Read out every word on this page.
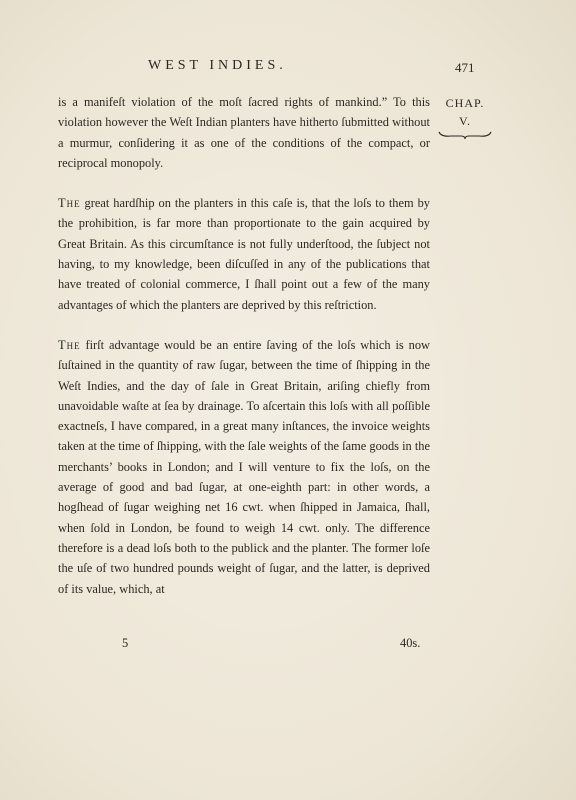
WEST INDIES.	471
CHAP.
V.

is a manifeſt violation of the moſt ſacred rights of mankind.” To this violation however the Weſt Indian planters have hitherto ſubmitted without a murmur, conſidering it as one of the conditions of the compact, or reciprocal monopoly.

The great hardſhip on the planters in this caſe is, that the loſs to them by the prohibition, is far more than proportionate to the gain acquired by Great Britain. As this circumſtance is not fully underſtood, the ſubject not having, to my knowledge, been diſcuſſed in any of the publications that have treated of colonial commerce, I ſhall point out a few of the many advantages of which the planters are deprived by this reſtriction.

The firſt advantage would be an entire ſaving of the loſs which is now ſuſtained in the quantity of raw ſugar, between the time of ſhipping in the Weſt Indies, and the day of ſale in Great Britain, ariſing chiefly from unavoidable waſte at ſea by drainage. To aſcertain this loſs with all poſſible exactneſs, I have compared, in a great many inſtances, the invoice weights taken at the time of ſhipping, with the ſale weights of the ſame goods in the merchants’ books in London; and I will venture to fix the loſs, on the average of good and bad ſugar, at one-eighth part: in other words, a hogſhead of ſugar weighing net 16 cwt. when ſhipped in Jamaica, ſhall, when ſold in London, be found to weigh 14 cwt. only. The difference therefore is a dead loſs both to the publick and the planter. The former loſe the uſe of two hundred pounds weight of ſugar, and the latter, is deprived of its value, which, at

5	40s.
